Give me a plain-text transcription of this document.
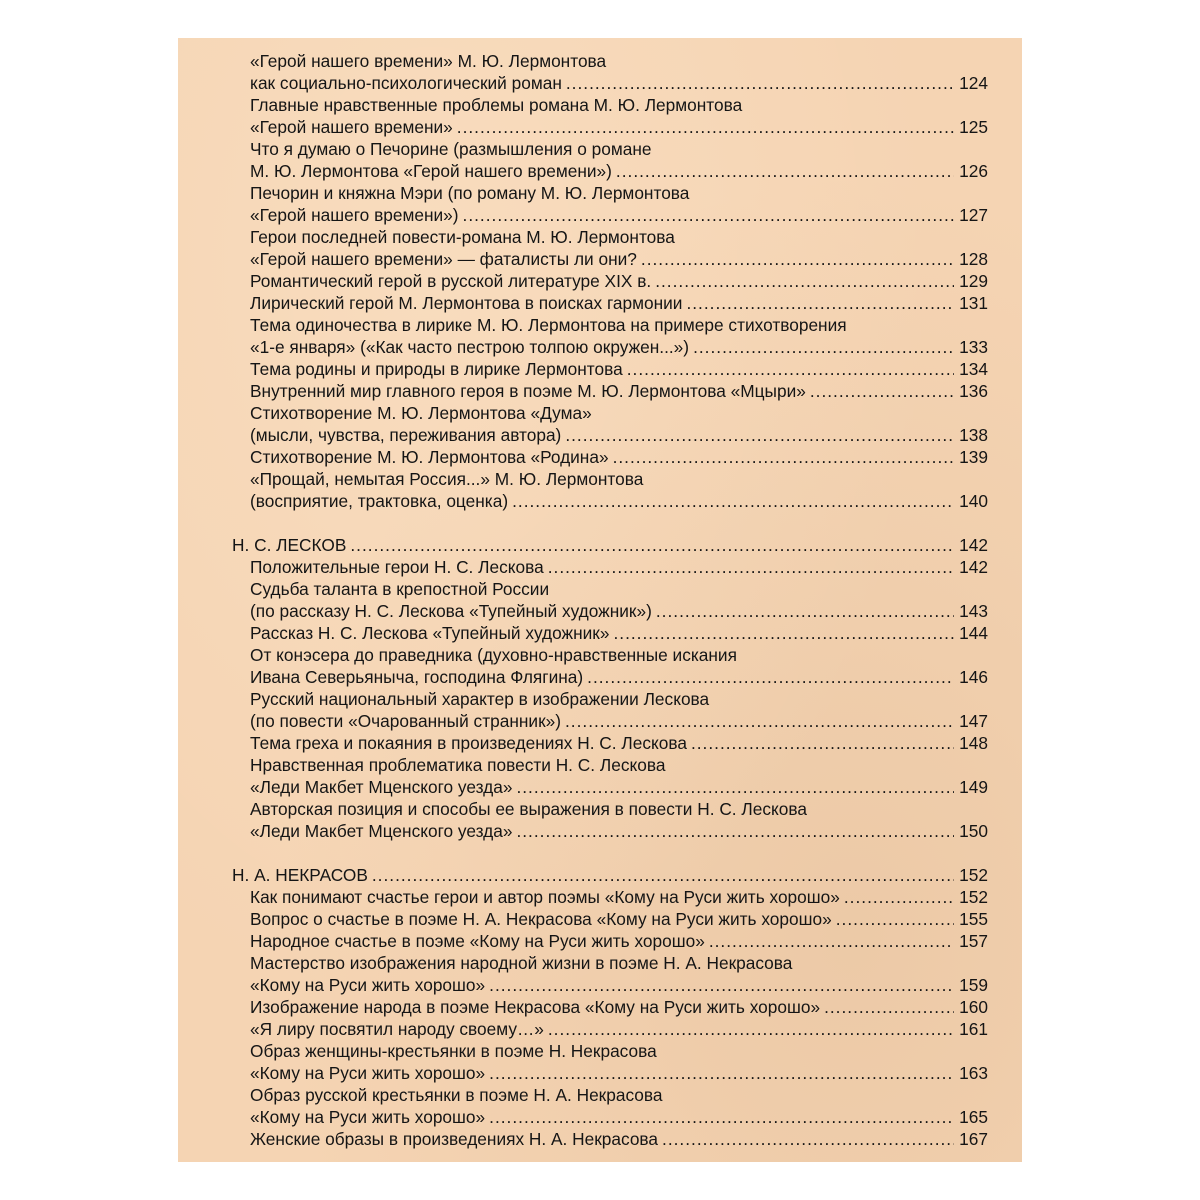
«Герой нашего времени» М. Ю. Лермонтова
как социально-психологический роман .....	124
Главные нравственные проблемы романа М. Ю. Лермонтова
«Герой нашего времени» .....	125
Что я думаю о Печорине (размышления о романе
М. Ю. Лермонтова «Герой нашего времени») .....	126
Печорин и княжна Мэри (по роману М. Ю. Лермонтова
«Герой нашего времени») .....	127
Герои последней повести-романа М. Ю. Лермонтова
«Герой нашего времени» — фаталисты ли они? .....	128
Романтический герой в русской литературе XIX в. .....	129
Лирический герой М. Лермонтова в поисках гармонии .....	131
Тема одиночества в лирике М. Ю. Лермонтова на примере стихотворения
«1-е января» («Как часто пестрою толпою окружен...») .....	133
Тема родины и природы в лирике Лермонтова .....	134
Внутренний мир главного героя в поэме М. Ю. Лермонтова «Мцыри» .....	136
Стихотворение М. Ю. Лермонтова «Дума»
(мысли, чувства, переживания автора) .....	138
Стихотворение М. Ю. Лермонтова «Родина» .....	139
«Прощай, немытая Россия...» М. Ю. Лермонтова
(восприятие, трактовка, оценка) .....	140
Н. С. ЛЕСКОВ .....	142
Положительные герои Н. С. Лескова .....	142
Судьба таланта в крепостной России
(по рассказу Н. С. Лескова «Тупейный художник») .....	143
Рассказ Н. С. Лескова «Тупейный художник» .....	144
От конэсера до праведника (духовно-нравственные искания
Ивана Северьяныча, господина Флягина) .....	146
Русский национальный характер в изображении Лескова
(по повести «Очарованный странник») .....	147
Тема греха и покаяния в произведениях Н. С. Лескова .....	148
Нравственная проблематика повести Н. С. Лескова
«Леди Макбет Мценского уезда» .....	149
Авторская позиция и способы ее выражения в повести Н. С. Лескова
«Леди Макбет Мценского уезда» .....	150
Н. А. НЕКРАСОВ .....	152
Как понимают счастье герои и автор поэмы «Кому на Руси жить хорошо» .....	152
Вопрос о счастье в поэме Н. А. Некрасова «Кому на Руси жить хорошо» .....	155
Народное счастье в поэме «Кому на Руси жить хорошо» .....	157
Мастерство изображения народной жизни в поэме Н. А. Некрасова
«Кому на Руси жить хорошо» .....	159
Изображение народа в поэме Некрасова «Кому на Руси жить хорошо» .....	160
«Я лиру посвятил народу своему…» .....	161
Образ женщины-крестьянки в поэме Н. Некрасова
«Кому на Руси жить хорошо» .....	163
Образ русской крестьянки в поэме Н. А. Некрасова
«Кому на Руси жить хорошо» .....	165
Женские образы в произведениях Н. А. Некрасова .....	167
